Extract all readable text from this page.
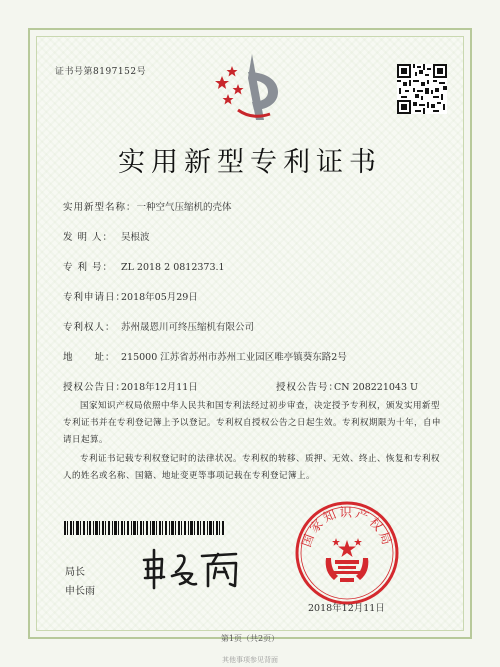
证书号第8197152号
实用新型专利证书
实用新型名称：一种空气压缩机的壳体
发 明 人： 吴根波
专 利 号： ZL 2018 2 0812373.1
专利申请日：2018年05月29日
专利权人： 苏州晟恩川可终压缩机有限公司
地　　址： 215000 江苏省苏州市苏州工业园区唯亭镇葵东路2号
授权公告日：2018年12月11日	授权公告号：CN 208221043 U
国家知识产权局依照中华人民共和国专利法经过初步审查，决定授予专利权，颁发实用新型专利证书并在专利登记簿上予以登记。专利权自授权公告之日起生效。专利权期限为十年，自申请日起算。
专利证书记载专利权登记时的法律状况。专利权的转移、质押、无效、终止、恢复和专利权人的姓名或名称、国籍、地址变更等事项记载在专利登记簿上。
局长
申长雨
国家知识产权局
2018年12月11日
第1页（共2页）
其他事项参见背面
